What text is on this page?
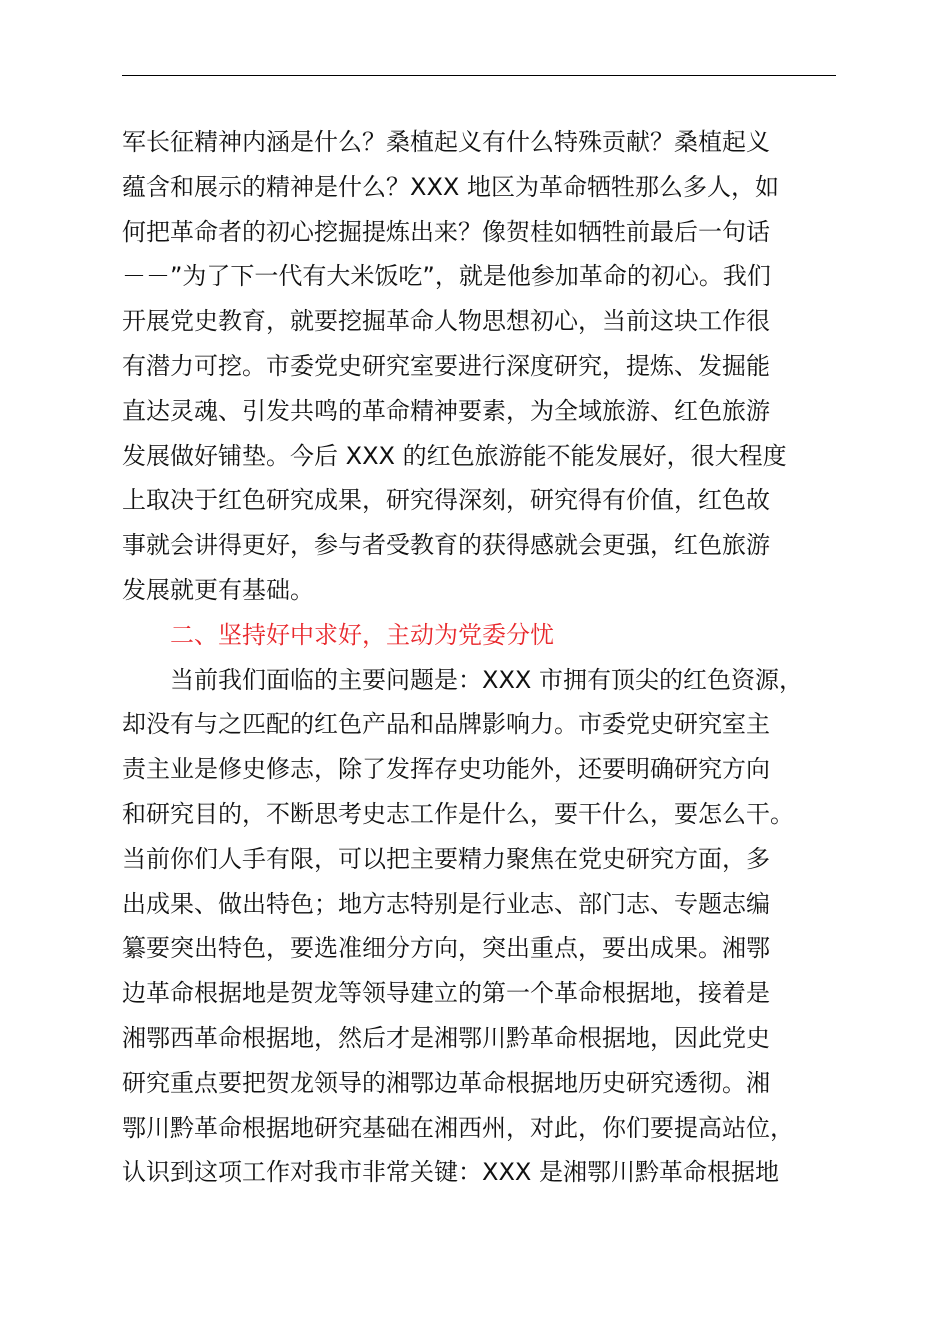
军长征精神内涵是什么？桑植起义有什么特殊贡献？桑植起义
蕴含和展示的精神是什么？XXX 地区为革命牺牲那么多人，如
何把革命者的初心挖掘提炼出来？像贺桂如牺牲前最后一句话
－－”为了下一代有大米饭吃”，就是他参加革命的初心。我们
开展党史教育，就要挖掘革命人物思想初心，当前这块工作很
有潜力可挖。市委党史研究室要进行深度研究，提炼、发掘能
直达灵魂、引发共鸣的革命精神要素，为全域旅游、红色旅游
发展做好铺垫。今后 XXX 的红色旅游能不能发展好，很大程度
上取决于红色研究成果，研究得深刻，研究得有价值，红色故
事就会讲得更好，参与者受教育的获得感就会更强，红色旅游
发展就更有基础。
二、坚持好中求好，主动为党委分忧
当前我们面临的主要问题是：XXX 市拥有顶尖的红色资源，
却没有与之匹配的红色产品和品牌影响力。市委党史研究室主
责主业是修史修志，除了发挥存史功能外，还要明确研究方向
和研究目的，不断思考史志工作是什么，要干什么，要怎么干。
当前你们人手有限，可以把主要精力聚焦在党史研究方面，多
出成果、做出特色；地方志特别是行业志、部门志、专题志编
纂要突出特色，要选准细分方向，突出重点，要出成果。湘鄂
边革命根据地是贺龙等领导建立的第一个革命根据地，接着是
湘鄂西革命根据地，然后才是湘鄂川黔革命根据地，因此党史
研究重点要把贺龙领导的湘鄂边革命根据地历史研究透彻。湘
鄂川黔革命根据地研究基础在湘西州，对此，你们要提高站位，
认识到这项工作对我市非常关键：XXX 是湘鄂川黔革命根据地
